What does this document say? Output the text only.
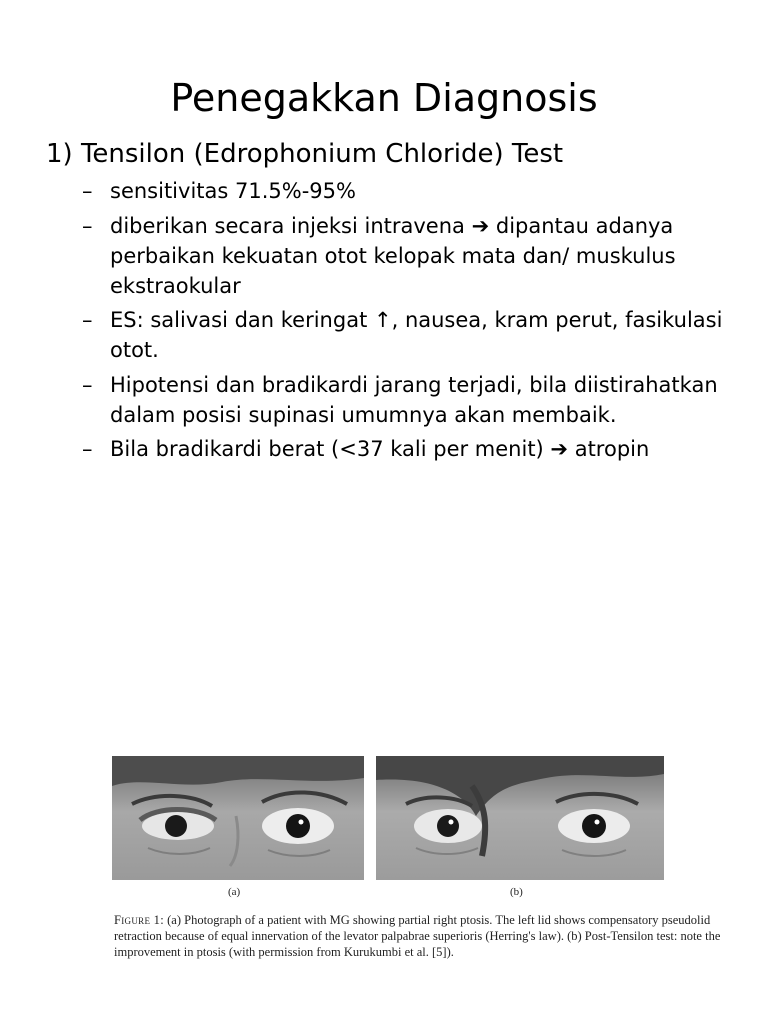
Penegakkan Diagnosis
1) Tensilon (Edrophonium Chloride) Test
– sensitivitas 71.5%-95%
– diberikan secara injeksi intravena ➔ dipantau adanya perbaikan kekuatan otot kelopak mata dan/ muskulus ekstraokular
– ES: salivasi dan keringat ↑, nausea, kram perut, fasikulasi otot.
– Hipotensi dan bradikardi jarang terjadi, bila diistirahatkan dalam posisi supinasi umumnya akan membaik.
– Bila bradikardi berat (<37 kali per menit) ➔ atropin
(a)	(b)
Figure 1: (a) Photograph of a patient with MG showing partial right ptosis. The left lid shows compensatory pseudolid retraction because of equal innervation of the levator palpabrae superioris (Herring's law). (b) Post-Tensilon test: note the improvement in ptosis (with permission from Kurukumbi et al. [5]).
